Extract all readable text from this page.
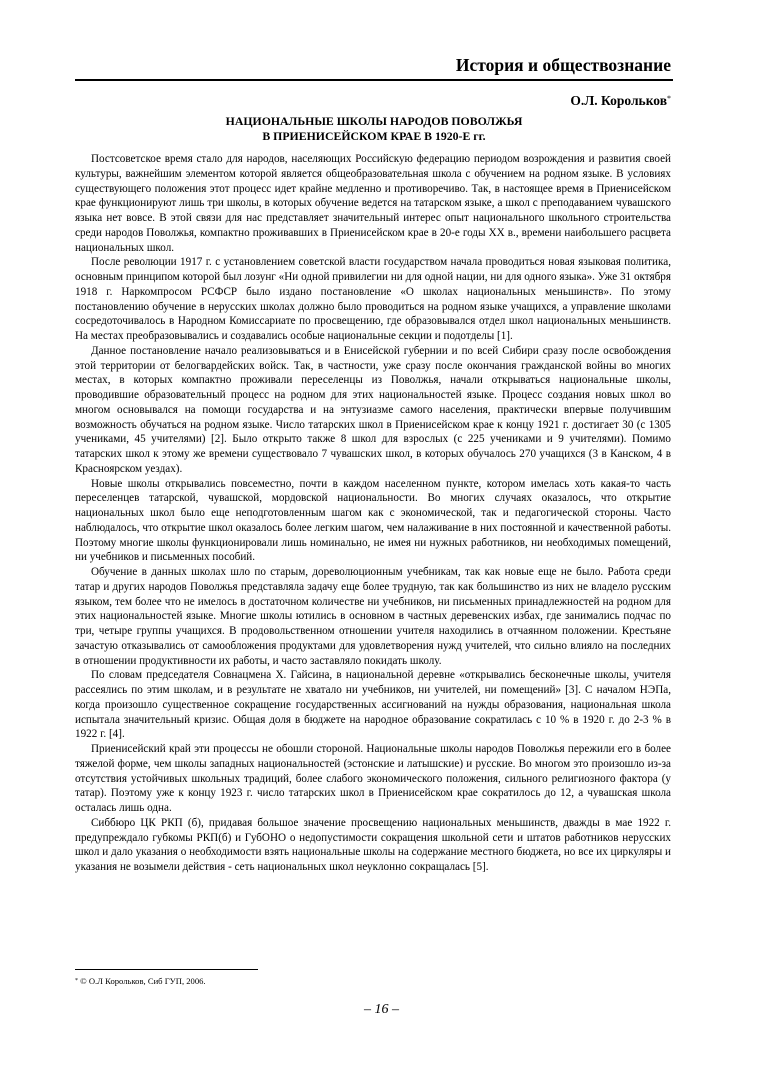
История и обществознание
О.Л. Корольков*
НАЦИОНАЛЬНЫЕ ШКОЛЫ НАРОДОВ ПОВОЛЖЬЯ
В ПРИЕНИСЕЙСКОМ КРАЕ В 1920-Е гг.

Постсоветское время стало для народов, населяющих Российскую федерацию периодом возрождения и развития своей культуры, важнейшим элементом которой является общеобразовательная школа с обучением на родном языке. В условиях существующего положения этот процесс идет крайне медленно и противоречиво. Так, в настоящее время в Приенисейском крае функционируют лишь три школы, в которых обучение ведется на татарском языке, а школ с преподаванием чувашского языка нет вовсе. В этой связи для нас представляет значительный интерес опыт национального школьного строительства среди народов Поволжья, компактно проживавших в Приенисейском крае в 20-е годы XX в., времени наибольшего расцвета национальных школ.

После революции 1917 г. с установлением советской власти государством начала проводиться новая языковая политика, основным принципом которой был лозунг «Ни одной привилегии ни для одной нации, ни для одного языка». Уже 31 октября 1918 г. Наркомпросом РСФСР было издано постановление «О школах национальных меньшинств». По этому постановлению обучение в нерусских школах должно было проводиться на родном языке учащихся, а управление школами сосредоточивалось в Народном Комиссариате по просвещению, где образовывался отдел школ национальных меньшинств. На местах преобразовывались и создавались особые национальные секции и подотделы [1].

Данное постановление начало реализовываться и в Енисейской губернии и по всей Сибири сразу после освобождения этой территории от белогвардейских войск. Так, в частности, уже сразу после окончания гражданской войны во многих местах, в которых компактно проживали переселенцы из Поволжья, начали открываться национальные школы, проводившие образовательный процесс на родном для этих национальностей языке. Процесс создания новых школ во многом основывался на помощи государства и на энтузиазме самого населения, практически впервые получившим возможность обучаться на родном языке. Число татарских школ в Приенисейском крае к концу 1921 г. достигает 30 (с 1305 учениками, 45 учителями) [2]. Было открыто также 8 школ для взрослых (с 225 учениками и 9 учителями). Помимо татарских школ к этому же времени существовало 7 чувашских школ, в которых обучалось 270 учащихся (3 в Канском, 4 в Красноярском уездах).

Новые школы открывались повсеместно, почти в каждом населенном пункте, котором имелась хоть какая-то часть переселенцев татарской, чувашской, мордовской национальности. Во многих случаях оказалось, что открытие национальных школ было еще неподготовленным шагом как с экономической, так и педагогической стороны. Часто наблюдалось, что открытие школ оказалось более легким шагом, чем налаживание в них постоянной и качественной работы. Поэтому многие школы функционировали лишь номинально, не имея ни нужных работников, ни необходимых помещений, ни учебников и письменных пособий.

Обучение в данных школах шло по старым, дореволюционным учебникам, так как новые еще не было. Работа среди татар и других народов Поволжья представляла задачу еще более трудную, так как большинство из них не владело русским языком, тем более что не имелось в достаточном количестве ни учебников, ни письменных принадлежностей на родном для этих национальностей языке. Многие школы ютились в основном в частных деревенских избах, где занимались подчас по три, четыре группы учащихся. В продовольственном отношении учителя находились в отчаянном положении. Крестьяне зачастую отказывались от самообложения продуктами для удовлетворения нужд учителей, что сильно влияло на последних в отношении продуктивности их работы, и часто заставляло покидать школу.

По словам председателя Совнацмена Х. Гайсина, в национальной деревне «открывались бесконечные школы, учителя рассеялись по этим школам, и в результате не хватало ни учебников, ни учителей, ни помещений» [3]. С началом НЭПа, когда произошло существенное сокращение государственных ассигнований на нужды образования, национальная школа испытала значительный кризис. Общая доля в бюджете на народное образование сократилась с 10 % в 1920 г. до 2-3 % в 1922 г. [4].

Приенисейский край эти процессы не обошли стороной. Национальные школы народов Поволжья пережили его в более тяжелой форме, чем школы западных национальностей (эстонские и латышские) и русские. Во многом это произошло из-за отсутствия устойчивых школьных традиций, более слабого экономического положения, сильного религиозного фактора (у татар). Поэтому уже к концу 1923 г. число татарских школ в Приенисейском крае сократилось до 12, а чувашская школа осталась лишь одна.

Сиббюро ЦК РКП (б), придавая большое значение просвещению национальных меньшинств, дважды в мае 1922 г. предупреждало губкомы РКП(б) и ГубОНО о недопустимости сокращения школьной сети и штатов работников нерусских школ и дало указания о необходимости взять национальные школы на содержание местного бюджета, но все их циркуляры и указания не возымели действия - сеть национальных школ неуклонно сокращалась [5].

* © О.Л Корольков, Сиб ГУП, 2006.
– 16 –
